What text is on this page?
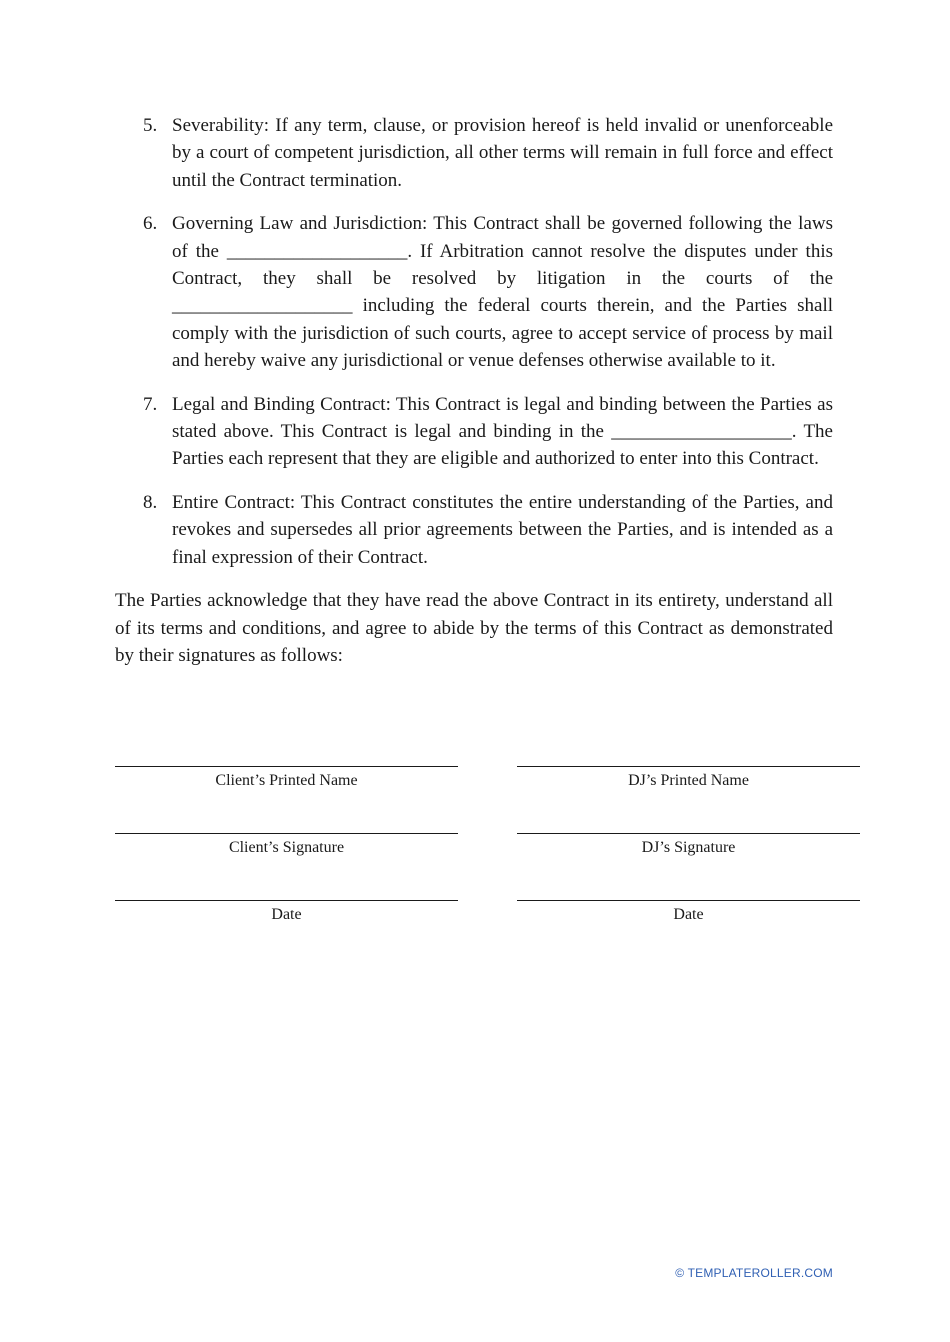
5. Severability: If any term, clause, or provision hereof is held invalid or unenforceable by a court of competent jurisdiction, all other terms will remain in full force and effect until the Contract termination.
6. Governing Law and Jurisdiction: This Contract shall be governed following the laws of the ___________________. If Arbitration cannot resolve the disputes under this Contract, they shall be resolved by litigation in the courts of the ___________________ including the federal courts therein, and the Parties shall comply with the jurisdiction of such courts, agree to accept service of process by mail and hereby waive any jurisdictional or venue defenses otherwise available to it.
7. Legal and Binding Contract: This Contract is legal and binding between the Parties as stated above. This Contract is legal and binding in the ___________________. The Parties each represent that they are eligible and authorized to enter into this Contract.
8. Entire Contract: This Contract constitutes the entire understanding of the Parties, and revokes and supersedes all prior agreements between the Parties, and is intended as a final expression of their Contract.

The Parties acknowledge that they have read the above Contract in its entirety, understand all of its terms and conditions, and agree to abide by the terms of this Contract as demonstrated by their signatures as follows:

Client’s Printed Name	DJ’s Printed Name
Client’s Signature	DJ’s Signature
Date	Date
© TEMPLATEROLLER.COM
